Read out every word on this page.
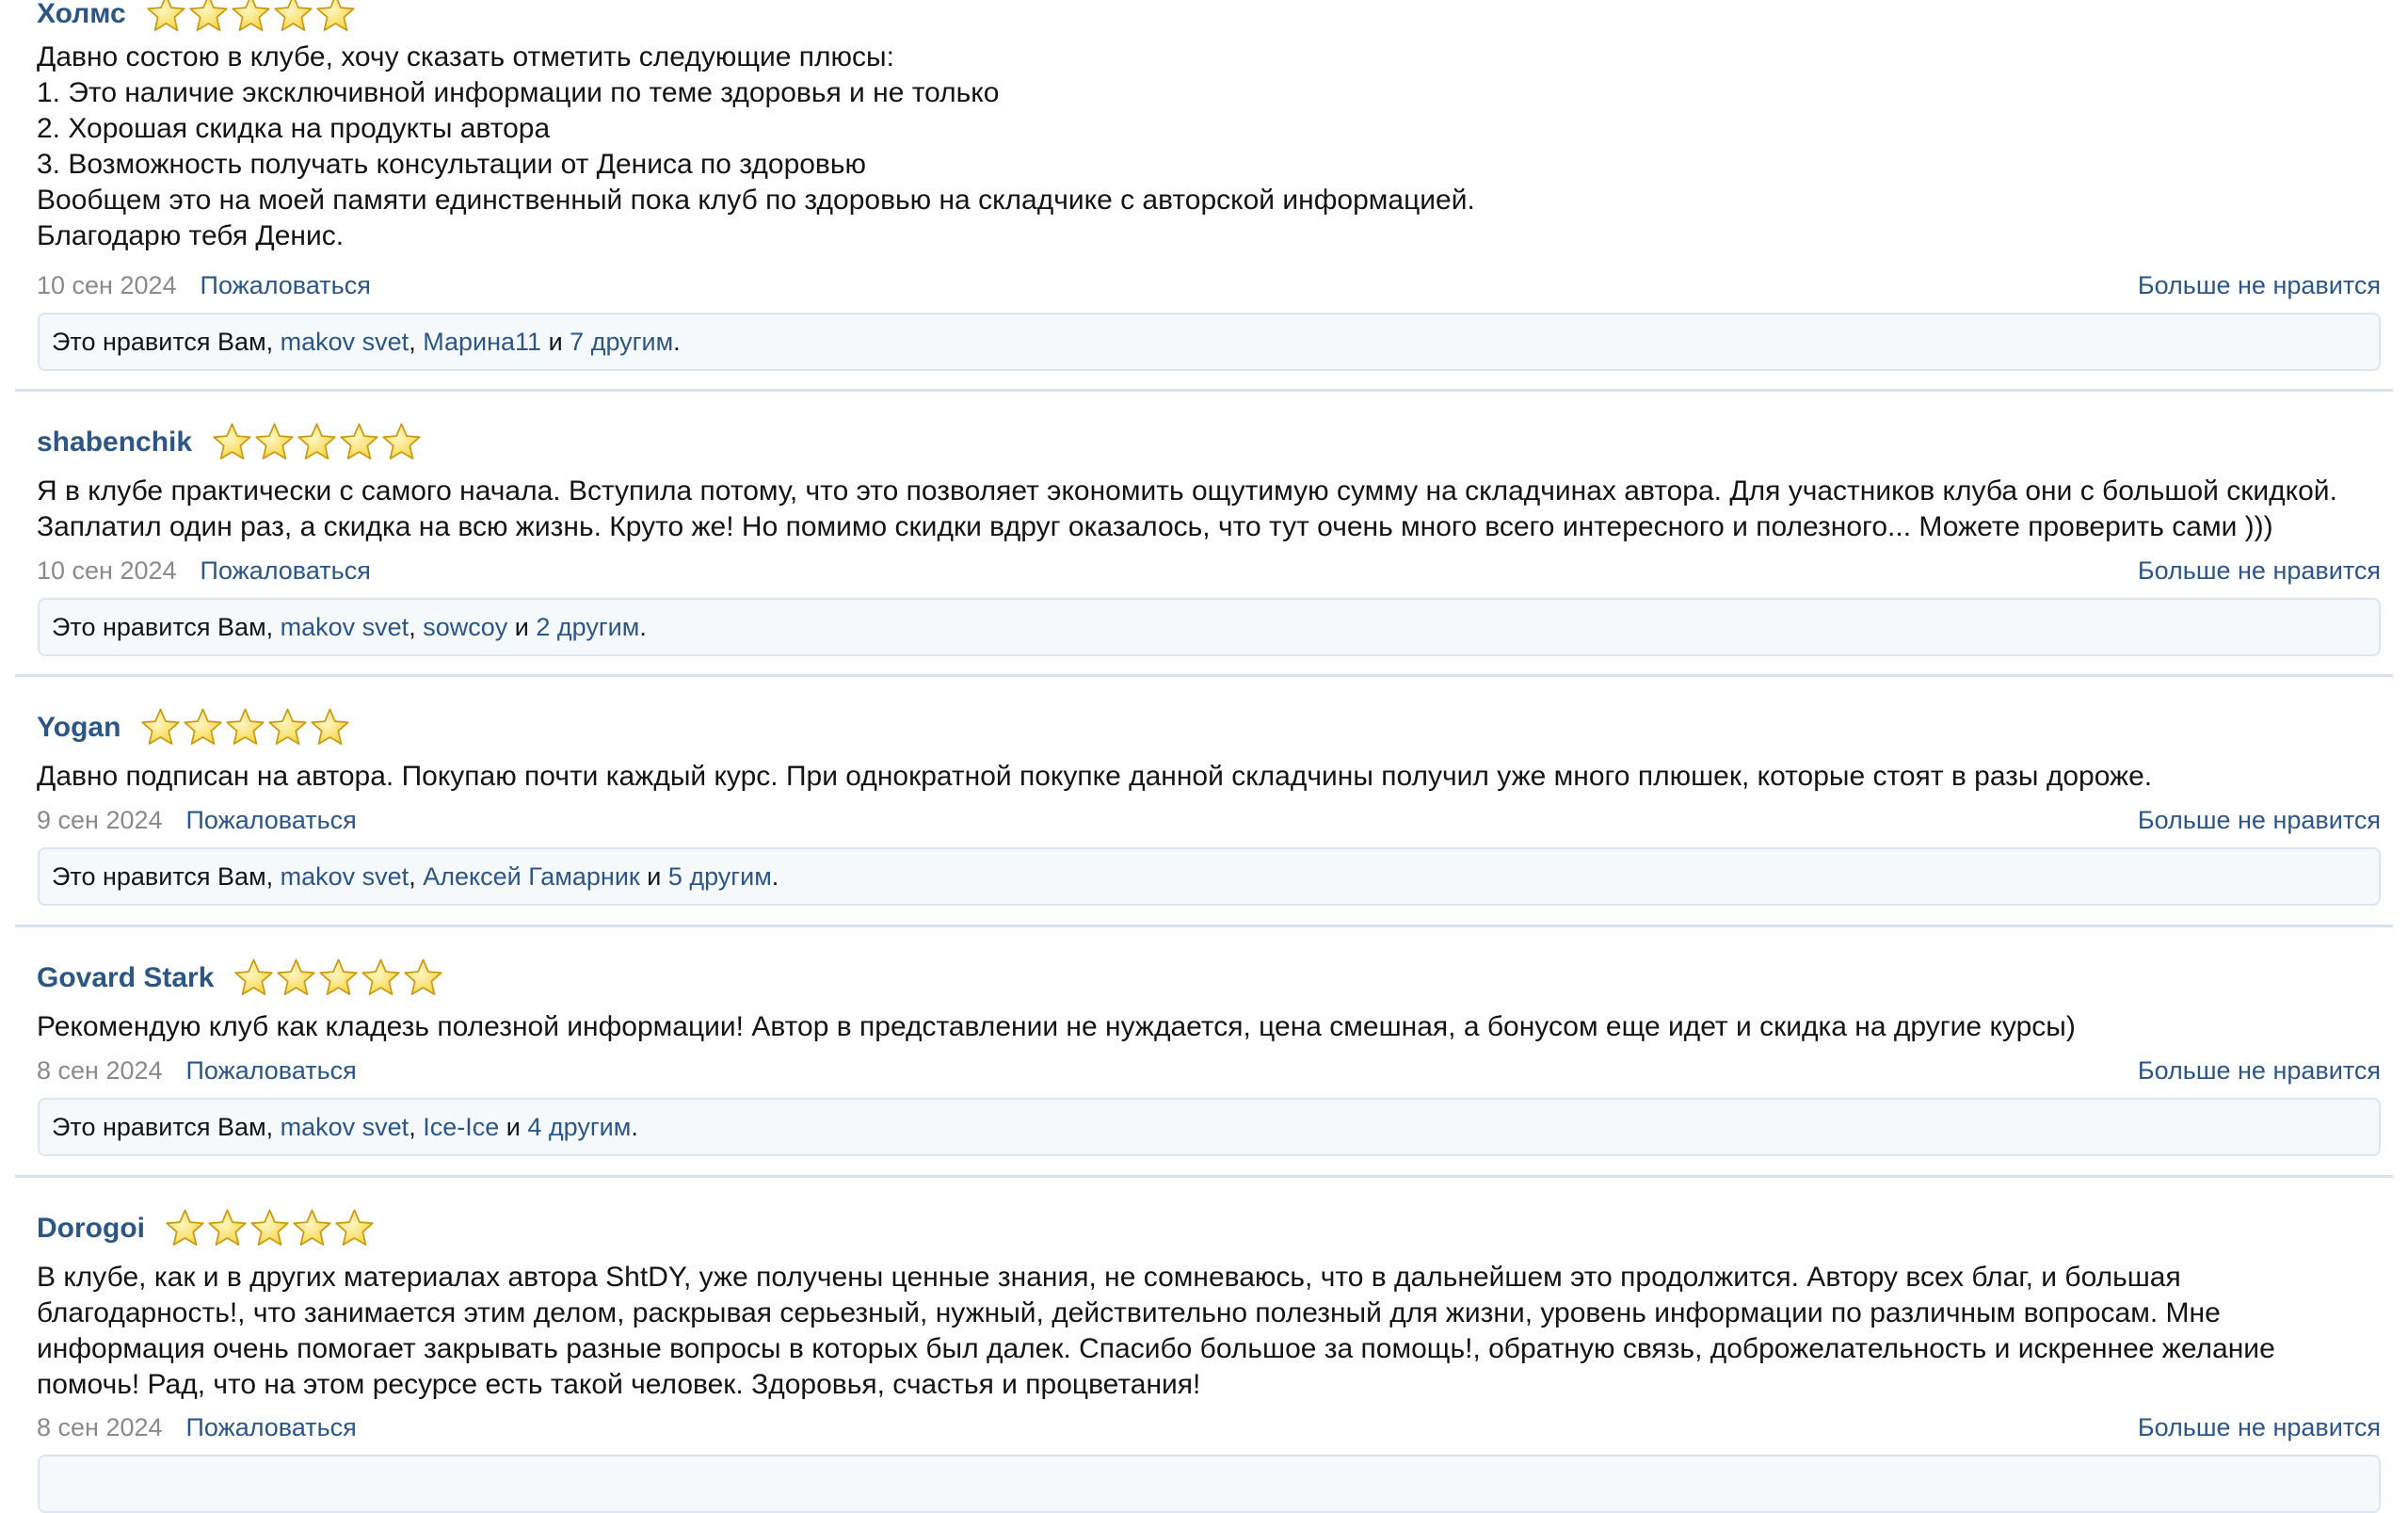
Холмс

Давно состою в клубе, хочу сказать отметить следующие плюсы:

1. Это наличие эксключивной информации по теме здоровья и не только

2. Хорошая скидка на продукты автора

3. Возможность получать консультации от Дениса по здоровью

Вообщем это на моей памяти единственный пока клуб по здоровью на складчике с авторской информацией.

Благодарю тебя Денис.

10 сен 2024 Пожаловаться	Больше не нравится
Это нравится Вам, makov svet, Марина11 и 7 другим.
shabenchik

Я в клубе практически с самого начала. Вступила потому, что это позволяет экономить ощутимую сумму на складчинах автора. Для участников клуба они с большой скидкой.

Заплатил один раз, а скидка на всю жизнь. Круто же! Но помимо скидки вдруг оказалось, что тут очень много всего интересного и полезного... Можете проверить сами )))

10 сен 2024 Пожаловаться	Больше не нравится
Это нравится Вам, makov svet, sowcoy и 2 другим.
Yogan

Давно подписан на автора. Покупаю почти каждый курс. При однократной покупке данной складчины получил уже много плюшек, которые стоят в разы дороже.

9 сен 2024 Пожаловаться	Больше не нравится
Это нравится Вам, makov svet, Алексей Гамарник и 5 другим.
Govard Stark

Рекомендую клуб как кладезь полезной информации! Автор в представлении не нуждается, цена смешная, а бонусом еще идет и скидка на другие курсы)

8 сен 2024 Пожаловаться	Больше не нравится
Это нравится Вам, makov svet, Ice-Ice и 4 другим.
Dorogoi

В клубе, как и в других материалах автора ShtDY, уже получены ценные знания, не сомневаюсь, что в дальнейшем это продолжится. Автору всех благ, и большая

благодарность!, что занимается этим делом, раскрывая серьезный, нужный, действительно полезный для жизни, уровень информации по различным вопросам. Мне

информация очень помогает закрывать разные вопросы в которых был далек. Спасибо большое за помощь!, обратную связь, доброжелательность и искреннее желание

помочь! Рад, что на этом ресурсе есть такой человек. Здоровья, счастья и процветания!

8 сен 2024 Пожаловаться	Больше не нравится
